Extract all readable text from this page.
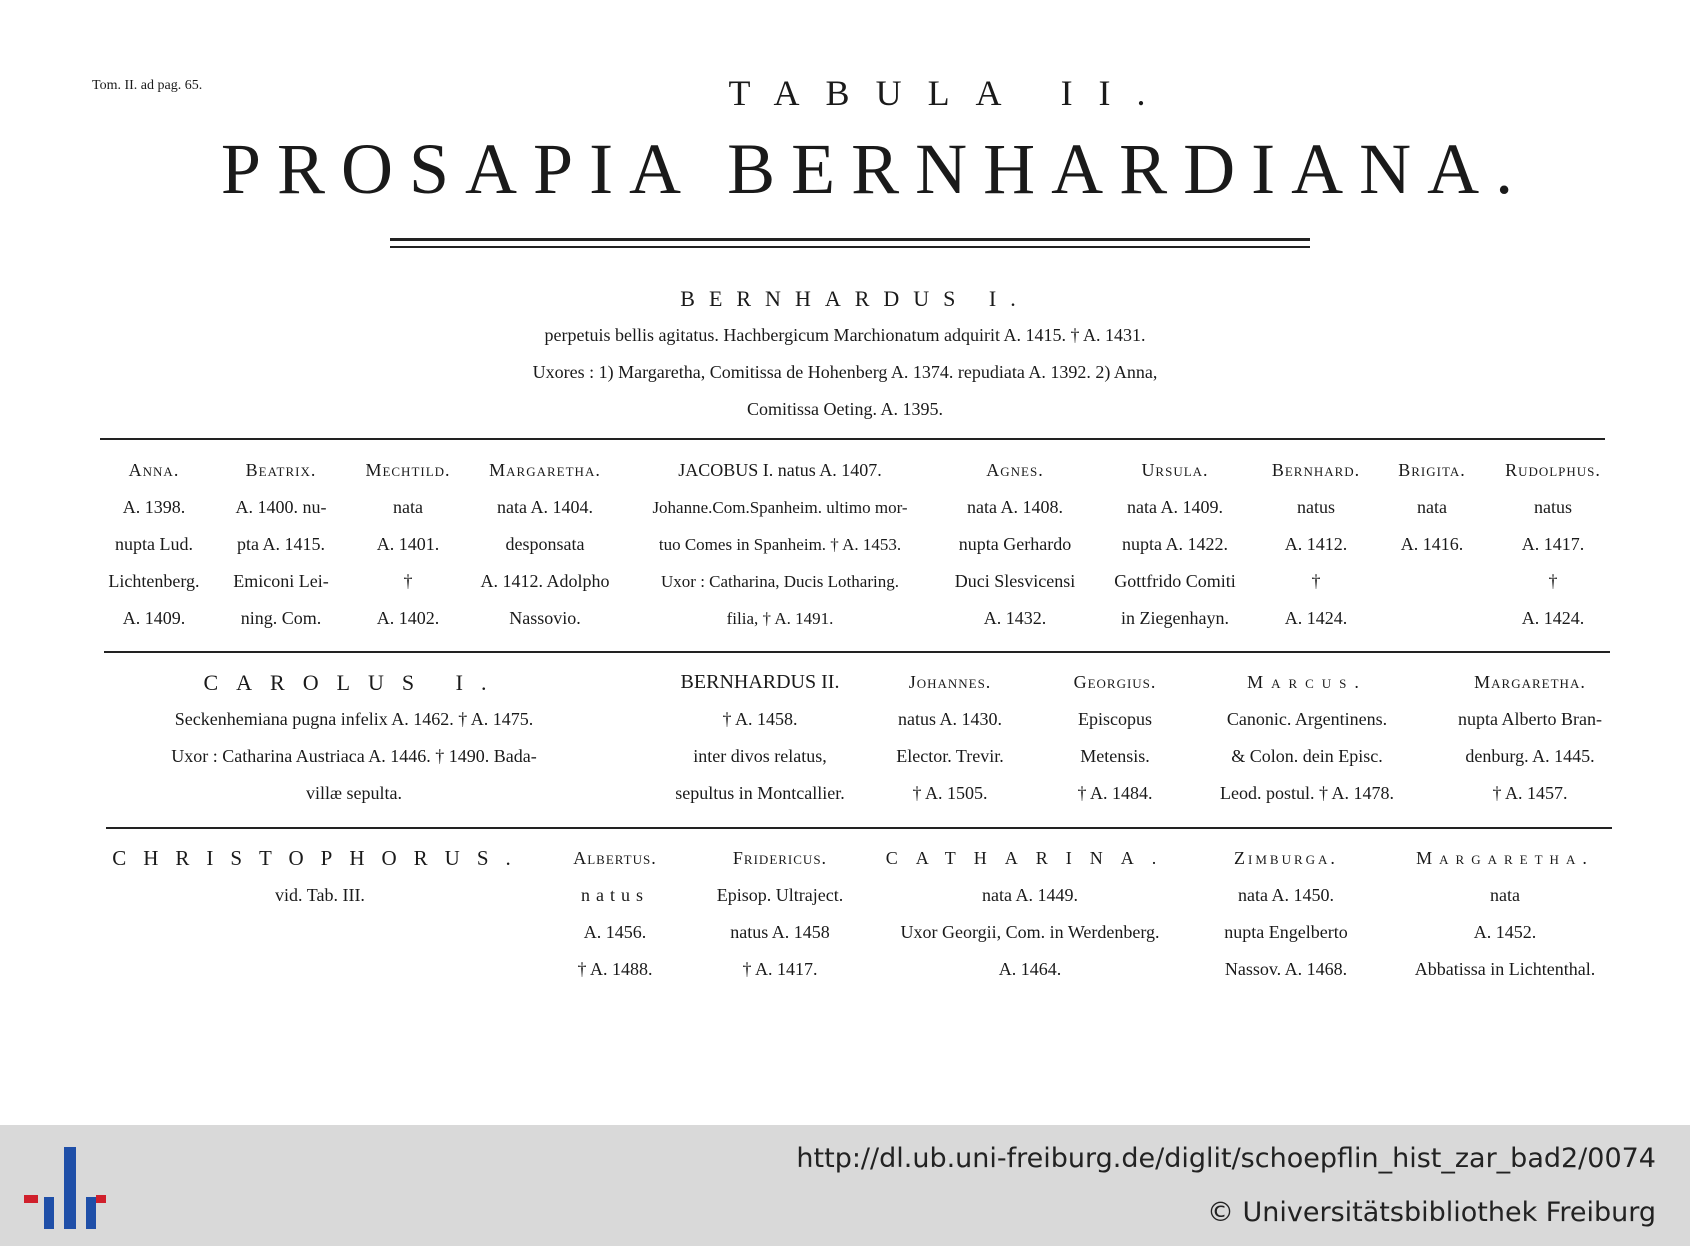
Tom. II. ad pag. 65.	TABULA II.
PROSAPIA BERNHARDIANA.
BERNHARDUS I.
perpetuis bellis agitatus. Hachbergicum Marchionatum adquirit A. 1415. † A. 1431.
Uxores : 1) Margaretha, Comitissa de Hohenberg A. 1374. repudiata A. 1392. 2) Anna,
Comitissa Oeting. A. 1395.
Anna.
A. 1398.
nupta Lud.
Lichtenberg.
A. 1409.
Beatrix.
A. 1400. nu-
pta A. 1415.
Emiconi Lei-
ning. Com.
Mechtild.
nata
A. 1401.
†
A. 1402.
Margaretha.
nata A. 1404.
desponsata
A. 1412. Adolpho
Nassovio.
JACOBUS I. natus A. 1407.
Johanne.Com.Spanheim. ultimo mor-
tuo Comes in Spanheim. † A. 1453.
Uxor : Catharina, Ducis Lotharing.
filia, † A. 1491.
Agnes.
nata A. 1408.
nupta Gerhardo
Duci Slesvicensi
A. 1432.
Ursula.
nata A. 1409.
nupta A. 1422.
Gottfrido Comiti
in Ziegenhayn.
Bernhard.
natus
A. 1412.
†
A. 1424.
Brigita.
nata
A. 1416.
Rudolphus.
natus
A. 1417.
†
A. 1424.
CAROLUS I.
Seckenhemiana pugna infelix A. 1462. † A. 1475.
Uxor : Catharina Austriaca A. 1446. † 1490. Bada-
villæ sepulta.
BERNHARDUS II.
† A. 1458.
inter divos relatus,
sepultus in Montcallier.
Johannes.
natus A. 1430.
Elector. Trevir.
† A. 1505.
Georgius.
Episcopus
Metensis.
† A. 1484.
Marcus.
Canonic. Argentinens.
& Colon. dein Episc.
Leod. postul. † A. 1478.
Margaretha.
nupta Alberto Bran-
denburg. A. 1445.
† A. 1457.
CHRISTOPHORUS.
vid. Tab. III.
Albertus.
natus
A. 1456.
† A. 1488.
Fridericus.
Episop. Ultraject.
natus A. 1458
† A. 1417.
CATHARINA.
nata A. 1449.
Uxor Georgii, Com. in Werdenberg.
A. 1464.
Zimburga.
nata A. 1450.
nupta Engelberto
Nassov. A. 1468.
Margaretha.
nata
A. 1452.
Abbatissa in Lichtenthal.
http://dl.ub.uni-freiburg.de/diglit/schoepflin_hist_zar_bad2/0074
© Universitätsbibliothek Freiburg
